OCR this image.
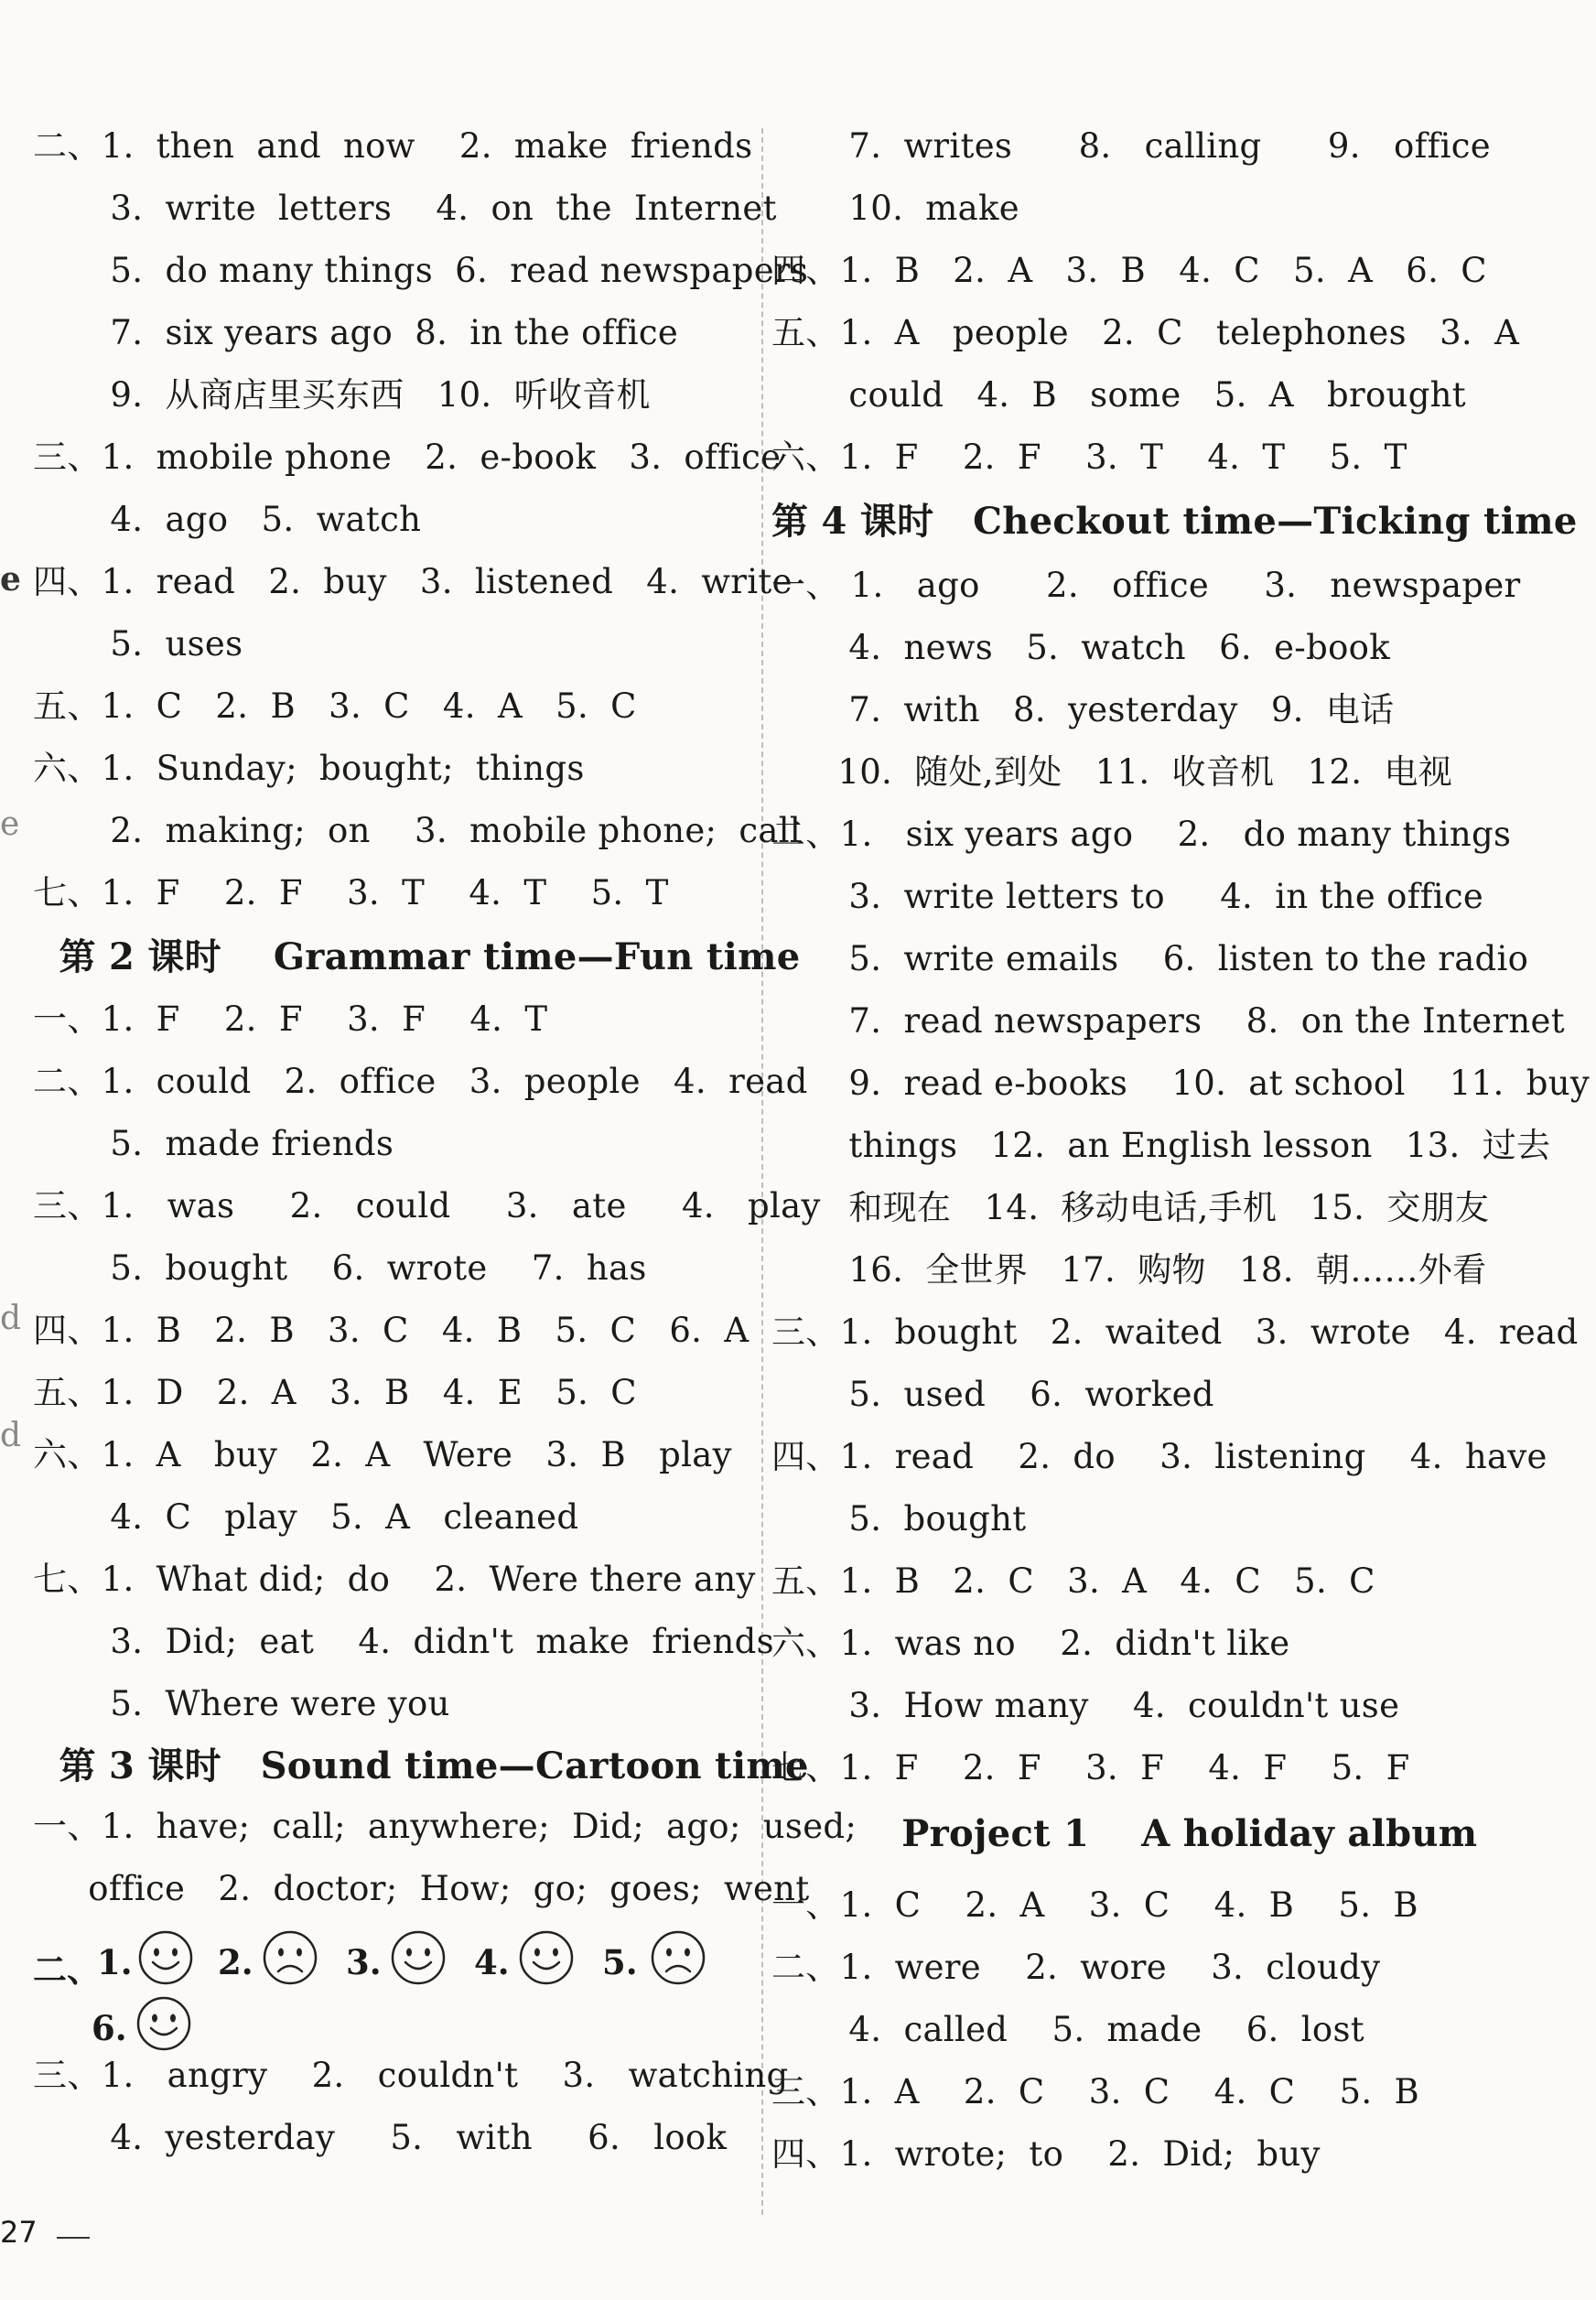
e
e
d
d
二、1.  then  and  now    2.  make  friends
3.  write  letters    4.  on  the  Internet
5.  do many things  6.  read newspapers
7.  six years ago  8.  in the office
9.  从商店里买东西   10.  听收音机
三、1.  mobile phone   2.  e-book   3.  office
4.  ago   5.  watch
四、1.  read   2.  buy   3.  listened   4.  write
5.  uses
五、1.  C   2.  B   3.  C   4.  A   5.  C
六、1.  Sunday;  bought;  things
2.  making;  on    3.  mobile phone;  call
七、1.  F    2.  F    3.  T    4.  T    5.  T
第 2 课时    Grammar time—Fun time
一、1.  F    2.  F    3.  F    4.  T
二、1.  could   2.  office   3.  people   4.  read
5.  made friends
三、1.   was     2.   could     3.   ate     4.   play
5.  bought    6.  wrote    7.  has
四、1.  B   2.  B   3.  C   4.  B   5.  C   6.  A
五、1.  D   2.  A   3.  B   4.  E   5.  C
六、1.  A   buy   2.  A   Were   3.  B   play
4.  C   play   5.  A   cleaned
七、1.  What did;  do    2.  Were there any
3.  Did;  eat    4.  didn't  make  friends
5.  Where were you
第 3 课时   Sound time—Cartoon time
一、1.  have;  call;  anywhere;  Did;  ago;  used;
office   2.  doctor;  How;  go;  goes;  went
二、
1.	2.	3.	4.	5.
6.
三、1.   angry    2.   couldn't    3.   watching
4.  yesterday     5.   with     6.   look
7.  writes      8.   calling      9.   office
10.  make
四、1.  B   2.  A   3.  B   4.  C   5.  A   6.  C
五、1.  A   people   2.  C   telephones   3.  A
could   4.  B   some   5.  A   brought
六、1.  F    2.  F    3.  T    4.  T    5.  T
第 4 课时   Checkout time—Ticking time
一、 1.   ago      2.   office     3.   newspaper
4.  news   5.  watch   6.  e-book
7.  with   8.  yesterday   9.  电话
10.  随处,到处   11.  收音机   12.  电视
二、1.   six years ago    2.   do many things
3.  write letters to     4.  in the office
5.  write emails    6.  listen to the radio
7.  read newspapers    8.  on the Internet
9.  read e-books    10.  at school    11.  buy
things   12.  an English lesson   13.  过去
和现在   14.  移动电话,手机   15.  交朋友
16.  全世界   17.  购物   18.  朝……外看
三、1.  bought   2.  waited   3.  wrote   4.  read
5.  used    6.  worked
四、1.  read    2.  do    3.  listening    4.  have
5.  bought
五、1.  B   2.  C   3.  A   4.  C   5.  C
六、1.  was no    2.  didn't like
3.  How many    4.  couldn't use
七、1.  F    2.  F    3.  F    4.  F    5.  F
Project 1    A holiday album
一、1.  C    2.  A    3.  C    4.  B    5.  B
二、1.  were    2.  wore    3.  cloudy
4.  called    5.  made    6.  lost
三、1.  A    2.  C    3.  C    4.  C    5.  B
四、1.  wrote;  to    2.  Did;  buy
27
